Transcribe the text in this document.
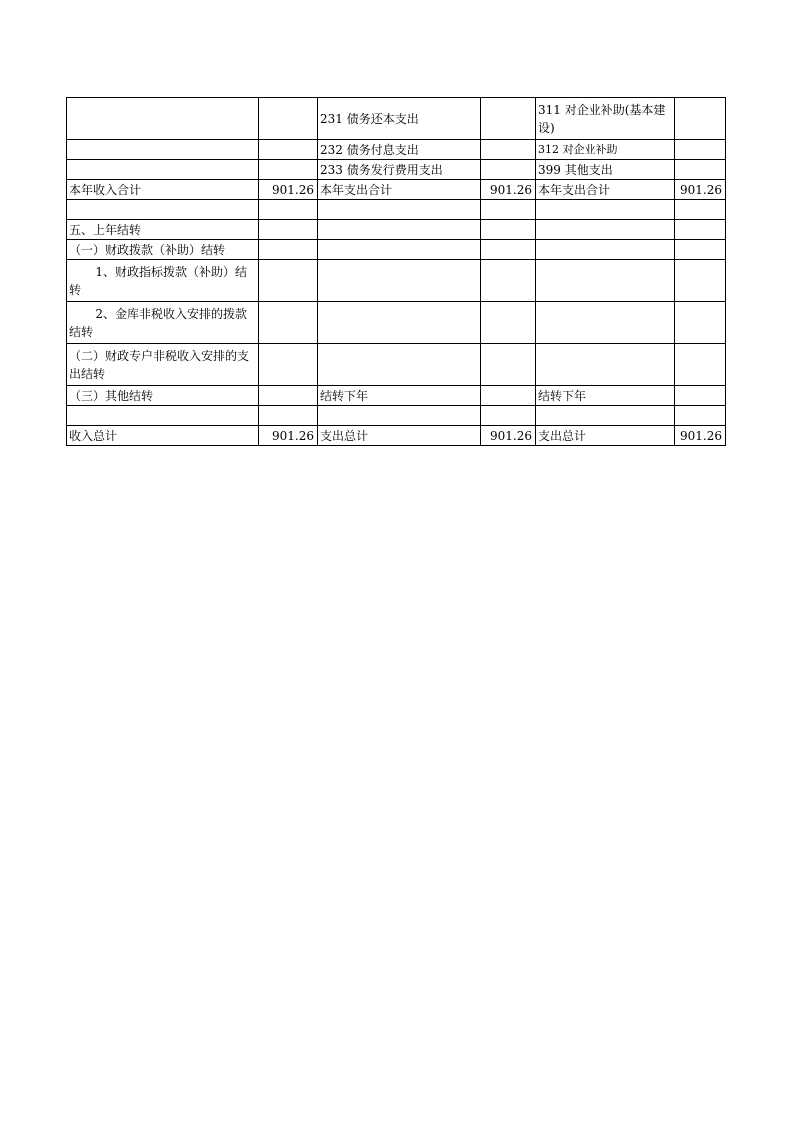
		231 债务还本支出		311 对企业补助(基本建设)	
		232 债务付息支出		312 对企业补助	
		233 债务发行费用支出		399 其他支出	
本年收入合计	901.26	本年支出合计	901.26	本年支出合计	901.26

五、上年结转					
（一）财政拨款（补助）结转					
1、财政指标拨款（补助）结转					
2、金库非税收入安排的拨款结转					
（二）财政专户非税收入安排的支出结转					
（三）其他结转		结转下年		结转下年	

收入总计	901.26	支出总计	901.26	支出总计	901.26
